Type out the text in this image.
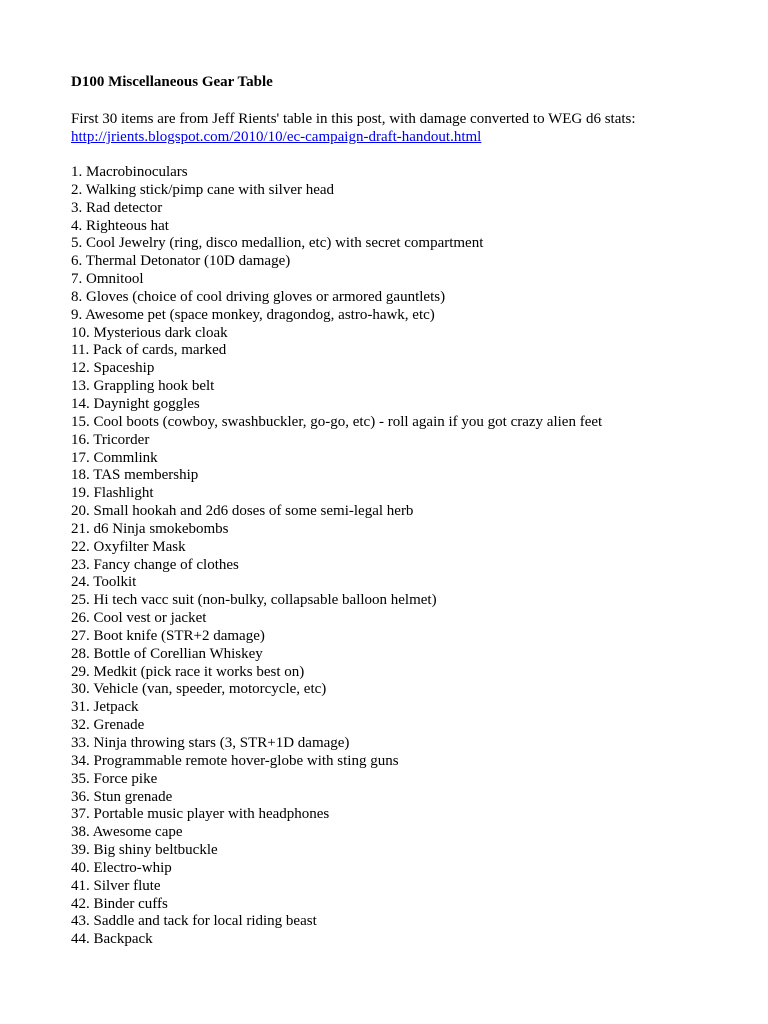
D100 Miscellaneous Gear Table
First 30 items are from Jeff Rients' table in this post, with damage converted to WEG d6 stats:
http://jrients.blogspot.com/2010/10/ec-campaign-draft-handout.html
1. Macrobinoculars
2. Walking stick/pimp cane with silver head
3. Rad detector
4. Righteous hat
5. Cool Jewelry (ring, disco medallion, etc) with secret compartment
6. Thermal Detonator (10D damage)
7. Omnitool
8. Gloves (choice of cool driving gloves or armored gauntlets)
9. Awesome pet (space monkey, dragondog, astro-hawk, etc)
10. Mysterious dark cloak
11. Pack of cards, marked
12. Spaceship
13. Grappling hook belt
14. Daynight goggles
15. Cool boots (cowboy, swashbuckler, go-go, etc) - roll again if you got crazy alien feet
16. Tricorder
17. Commlink
18. TAS membership
19. Flashlight
20. Small hookah and 2d6 doses of some semi-legal herb
21. d6 Ninja smokebombs
22. Oxyfilter Mask
23. Fancy change of clothes
24. Toolkit
25. Hi tech vacc suit (non-bulky, collapsable balloon helmet)
26. Cool vest or jacket
27. Boot knife (STR+2 damage)
28. Bottle of Corellian Whiskey
29. Medkit (pick race it works best on)
30. Vehicle (van, speeder, motorcycle, etc)
31. Jetpack
32. Grenade
33. Ninja throwing stars (3, STR+1D damage)
34. Programmable remote hover-globe with sting guns
35. Force pike
36. Stun grenade
37. Portable music player with headphones
38. Awesome cape
39. Big shiny beltbuckle
40. Electro-whip
41. Silver flute
42. Binder cuffs
43. Saddle and tack for local riding beast
44. Backpack
